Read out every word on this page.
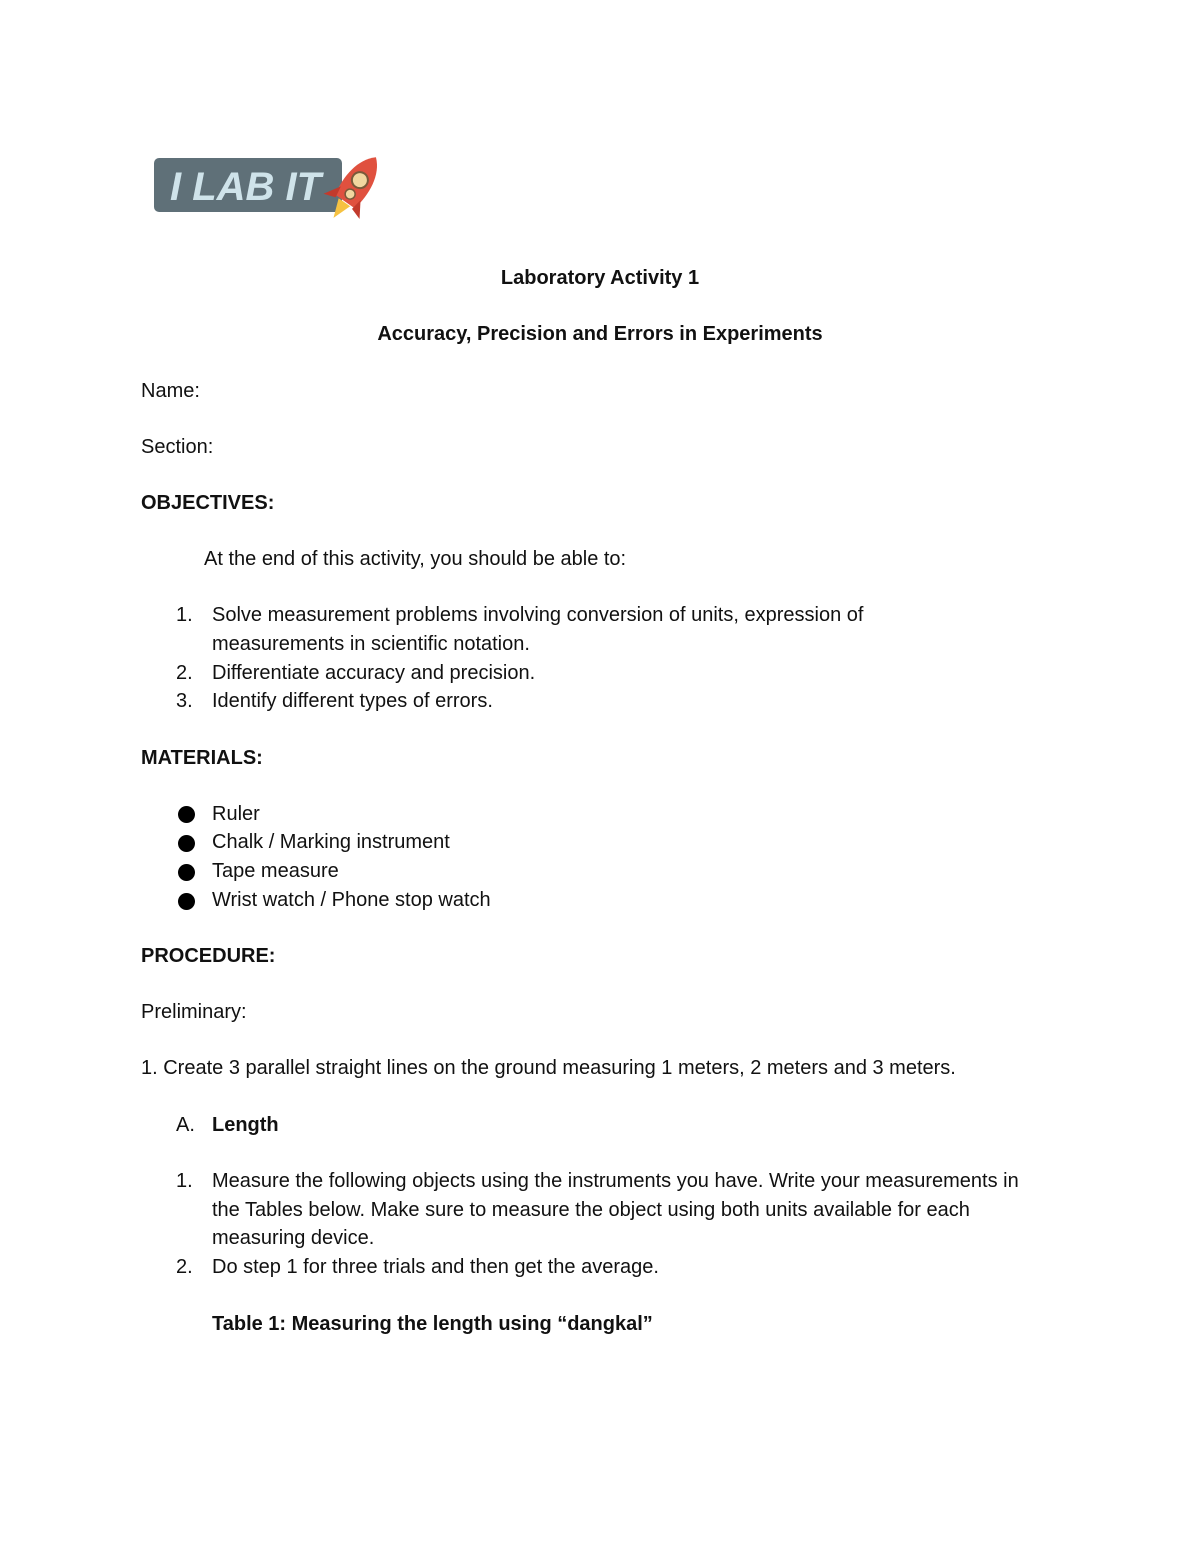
I LAB IT
Laboratory Activity 1
Accuracy, Precision and Errors in Experiments
Name:
Section:
OBJECTIVES:
At the end of this activity, you should be able to:
1. Solve measurement problems involving conversion of units, expression of measurements in scientific notation.
2. Differentiate accuracy and precision.
3. Identify different types of errors.
MATERIALS:
Ruler
Chalk / Marking instrument
Tape measure
Wrist watch / Phone stop watch
PROCEDURE:
Preliminary:
1. Create 3 parallel straight lines on the ground measuring 1 meters, 2 meters and 3 meters.
A. Length
1. Measure the following objects using the instruments you have. Write your measurements in the Tables below. Make sure to measure the object using both units available for each measuring device.
2. Do step 1 for three trials and then get the average.
Table 1: Measuring the length using “dangkal”
